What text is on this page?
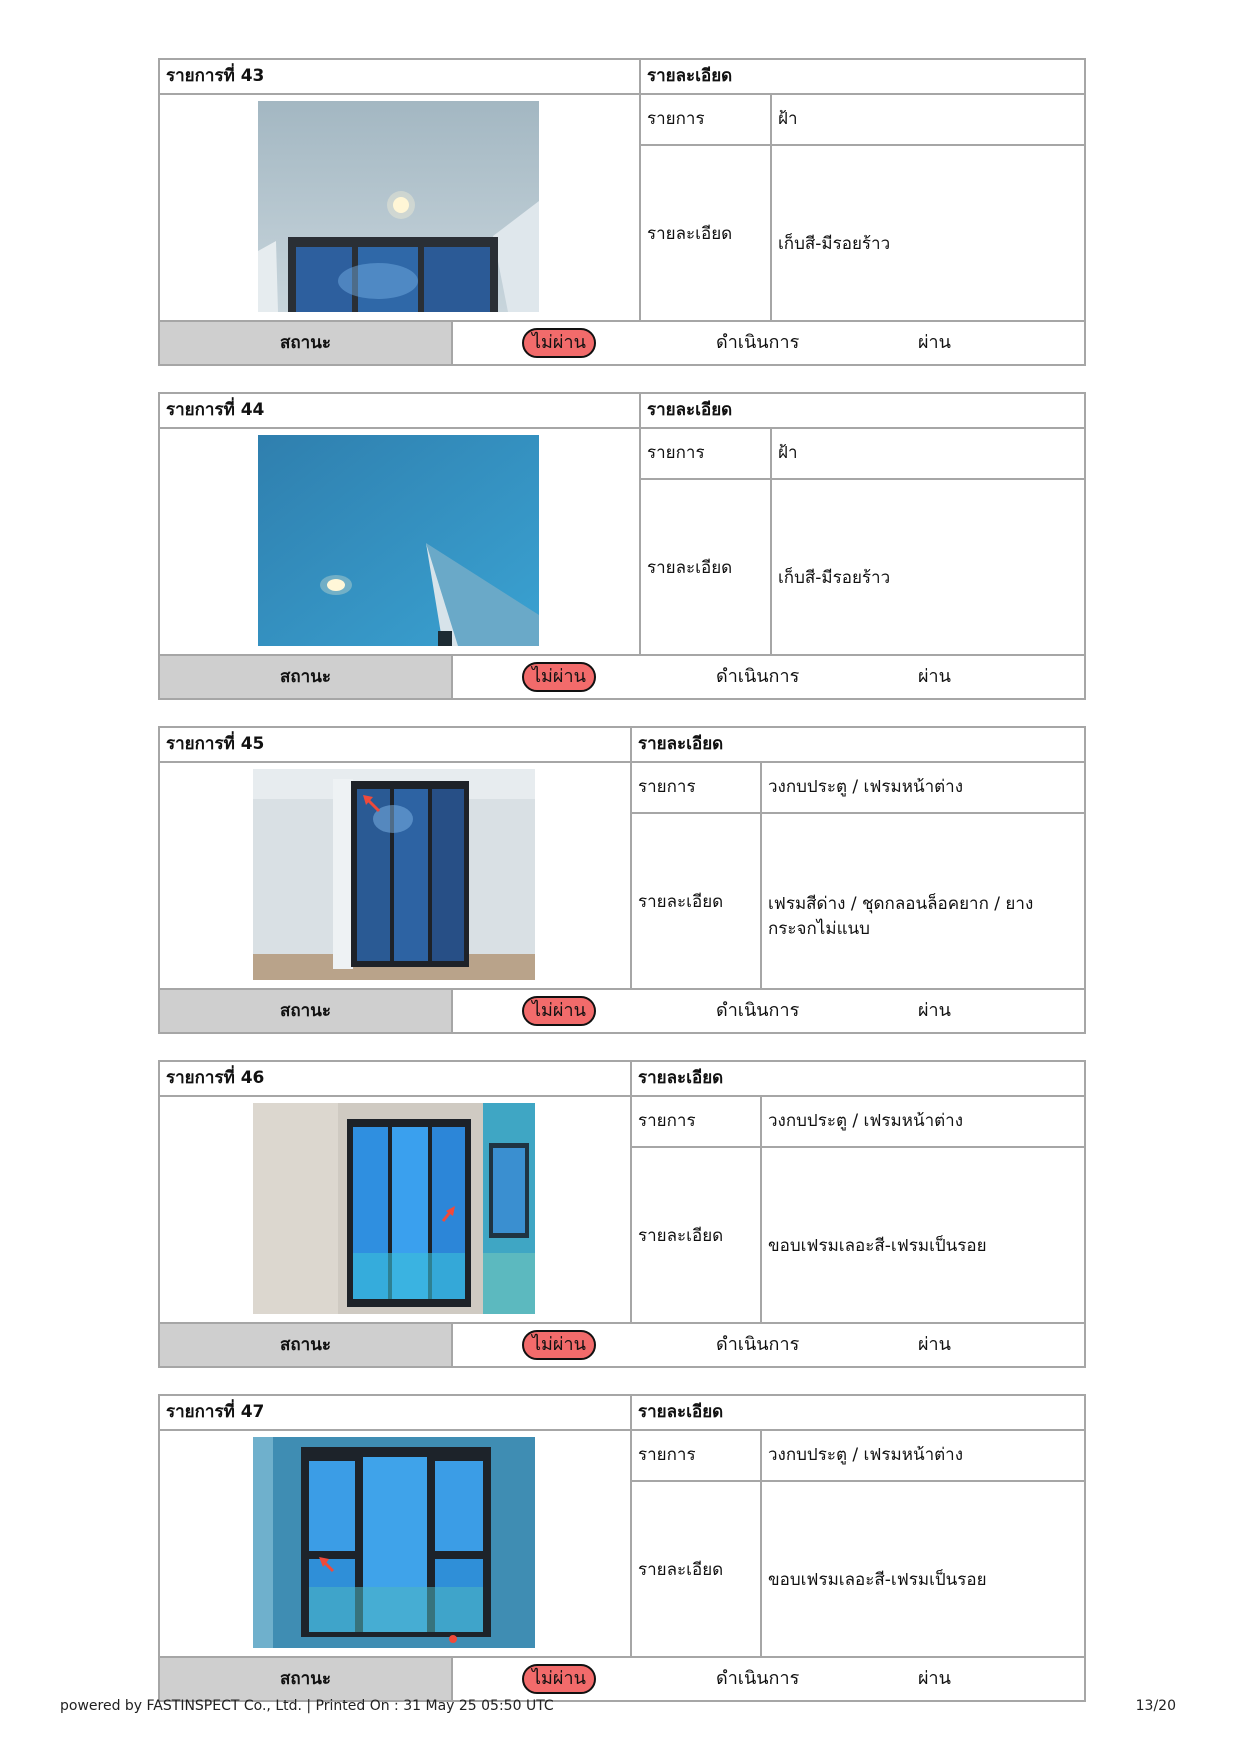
รายการที่ 43	รายละเอียด
รายการ	ฝ้า
รายละเอียด	เก็บสี-มีรอยร้าว
สถานะ	ไม่ผ่าน	ดำเนินการ	ผ่าน
รายการที่ 44	รายละเอียด
รายการ	ฝ้า
รายละเอียด	เก็บสี-มีรอยร้าว
สถานะ	ไม่ผ่าน	ดำเนินการ	ผ่าน
รายการที่ 45	รายละเอียด
รายการ	วงกบประตู / เฟรมหน้าต่าง
รายละเอียด	เฟรมสีด่าง / ชุดกลอนล็อคยาก / ยางกระจกไม่แนบ
สถานะ	ไม่ผ่าน	ดำเนินการ	ผ่าน
รายการที่ 46	รายละเอียด
รายการ	วงกบประตู / เฟรมหน้าต่าง
รายละเอียด	ขอบเฟรมเลอะสี-เฟรมเป็นรอย
สถานะ	ไม่ผ่าน	ดำเนินการ	ผ่าน
รายการที่ 47	รายละเอียด
รายการ	วงกบประตู / เฟรมหน้าต่าง
รายละเอียด	ขอบเฟรมเลอะสี-เฟรมเป็นรอย
สถานะ	ไม่ผ่าน	ดำเนินการ	ผ่าน
powered by FASTINSPECT Co., Ltd. | Printed On : 31 May 25 05:50 UTC	13/20
